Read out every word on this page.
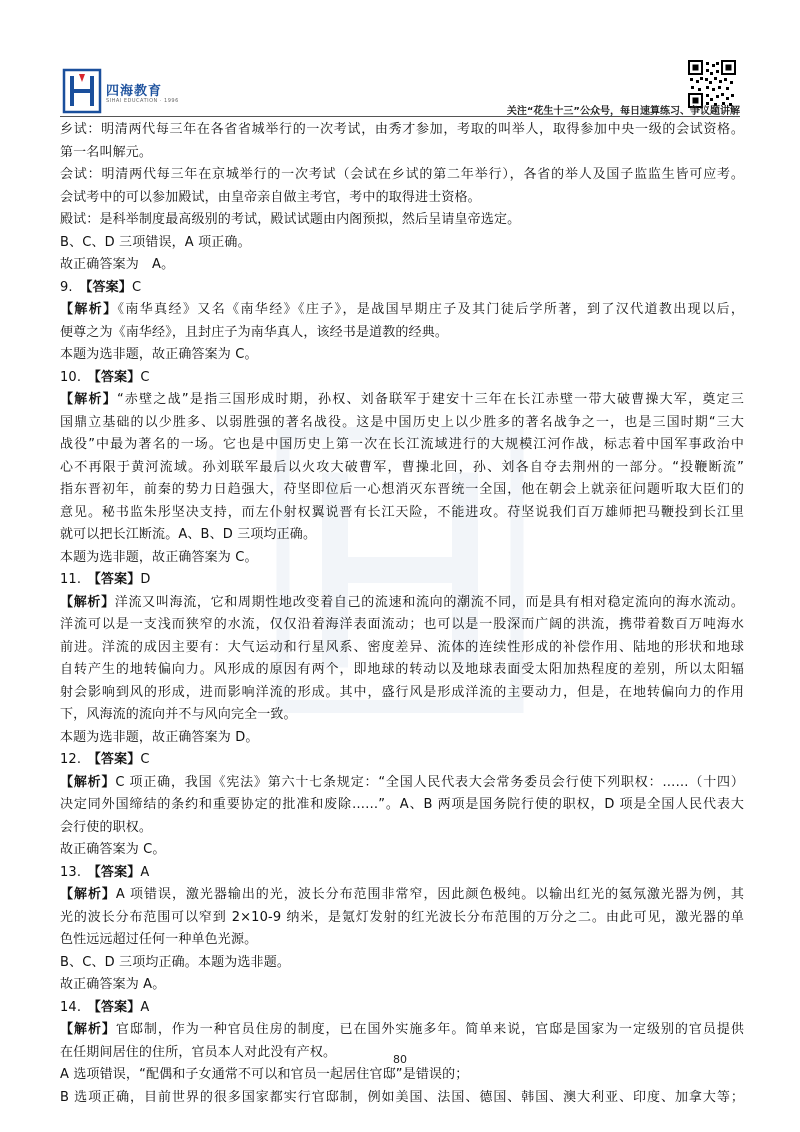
四海教育
SIHAI EDUCATION · 1996
关注“花生十三”公众号，每日速算练习、争议题讲解
乡试：明清两代每三年在各省省城举行的一次考试，由秀才参加，考取的叫举人，取得参加中央一级的会试资格。
第一名叫解元。
会试：明清两代每三年在京城举行的一次考试（会试在乡试的第二年举行），各省的举人及国子监监生皆可应考。
会试考中的可以参加殿试，由皇帝亲自做主考官，考中的取得进士资格。
殿试：是科举制度最高级别的考试，殿试试题由内阁预拟，然后呈请皇帝选定。
B、C、D 三项错误，A 项正确。
故正确答案为　A。
9.　【答案】C
【解析】《南华真经》又名《南华经》《庄子》，是战国早期庄子及其门徒后学所著，到了汉代道教出现以后，
便尊之为《南华经》，且封庄子为南华真人，该经书是道教的经典。
本题为选非题，故正确答案为 C。
10.　【答案】C
【解析】“赤壁之战”是指三国形成时期，孙权、刘备联军于建安十三年在长江赤壁一带大破曹操大军，奠定三
国鼎立基础的以少胜多、以弱胜强的著名战役。这是中国历史上以少胜多的著名战争之一，也是三国时期“三大
战役”中最为著名的一场。它也是中国历史上第一次在长江流域进行的大规模江河作战，标志着中国军事政治中
心不再限于黄河流域。孙刘联军最后以火攻大破曹军，曹操北回，孙、刘各自夺去荆州的一部分。“投鞭断流”
指东晋初年，前秦的势力日趋强大，苻坚即位后一心想消灭东晋统一全国，他在朝会上就亲征问题听取大臣们的
意见。秘书监朱彤坚决支持，而左仆射权翼说晋有长江天险，不能进攻。苻坚说我们百万雄师把马鞭投到长江里
就可以把长江断流。A、B、D 三项均正确。
本题为选非题，故正确答案为 C。
11.　【答案】D
【解析】洋流又叫海流，它和周期性地改变着自己的流速和流向的潮流不同，而是具有相对稳定流向的海水流动。
洋流可以是一支浅而狭窄的水流，仅仅沿着海洋表面流动；也可以是一股深而广阔的洪流，携带着数百万吨海水
前进。洋流的成因主要有：大气运动和行星风系、密度差异、流体的连续性形成的补偿作用、陆地的形状和地球
自转产生的地转偏向力。风形成的原因有两个，即地球的转动以及地球表面受太阳加热程度的差别，所以太阳辐
射会影响到风的形成，进而影响洋流的形成。其中，盛行风是形成洋流的主要动力，但是，在地转偏向力的作用
下，风海流的流向并不与风向完全一致。
本题为选非题，故正确答案为 D。
12.　【答案】C
【解析】C 项正确，我国《宪法》第六十七条规定：“全国人民代表大会常务委员会行使下列职权：……（十四）
决定同外国缔结的条约和重要协定的批准和废除……”。A、B 两项是国务院行使的职权，D 项是全国人民代表大
会行使的职权。
故正确答案为 C。
13.　【答案】A
【解析】A 项错误，激光器输出的光，波长分布范围非常窄，因此颜色极纯。以输出红光的氦氖激光器为例，其
光的波长分布范围可以窄到 2×10-9 纳米，是氪灯发射的红光波长分布范围的万分之二。由此可见，激光器的单
色性远远超过任何一种单色光源。
B、C、D 三项均正确。本题为选非题。
故正确答案为 A。
14.　【答案】A
【解析】官邸制，作为一种官员住房的制度，已在国外实施多年。简单来说，官邸是国家为一定级别的官员提供
在任期间居住的住所，官员本人对此没有产权。
A 选项错误，“配偶和子女通常不可以和官员一起居住官邸”是错误的；
B 选项正确，目前世界的很多国家都实行官邸制，例如美国、法国、德国、韩国、澳大利亚、印度、加拿大等；
80
